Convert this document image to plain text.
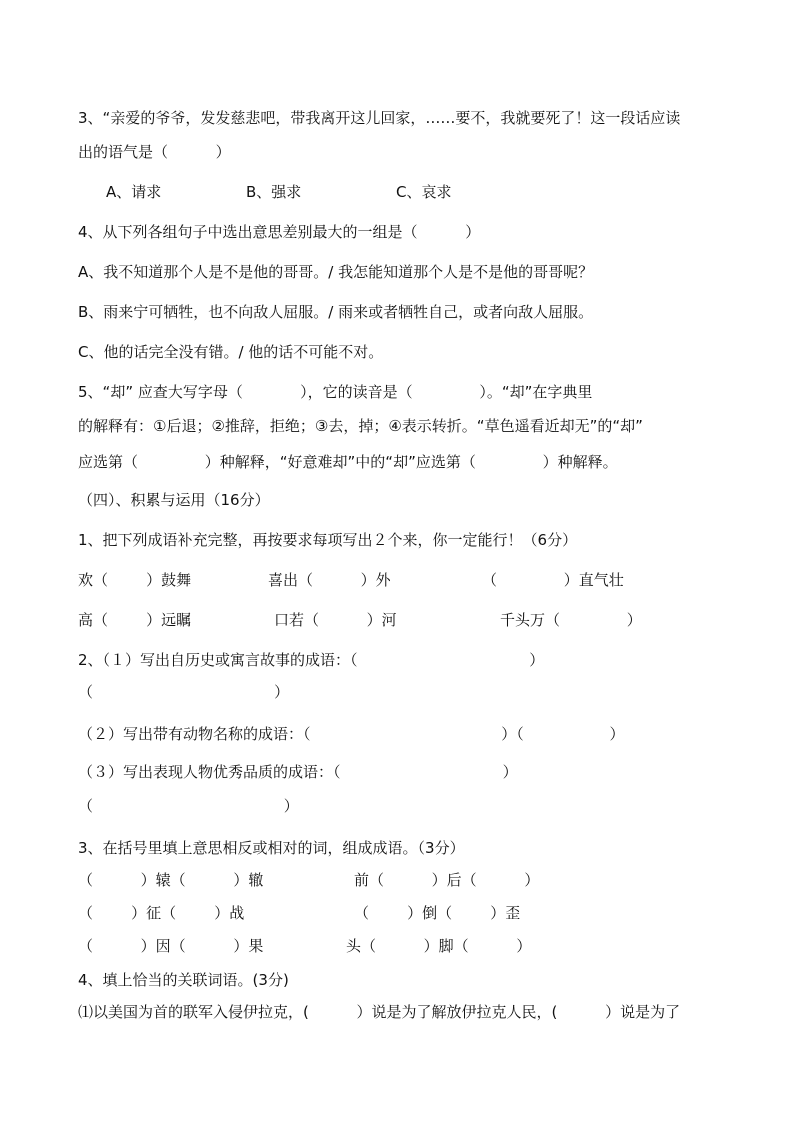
3、“亲爱的爷爷，发发慈悲吧，带我离开这儿回家，……要不，我就要死了！这一段话应读
出的语气是（          ）
A、请求	B、强求	C、哀求
4、从下列各组句子中选出意思差别最大的一组是（          ）
A、我不知道那个人是不是他的哥哥。/ 我怎能知道那个人是不是他的哥哥呢？
B、雨来宁可牺牲，也不向敌人屈服。/ 雨来或者牺牲自己，或者向敌人屈服。
C、他的话完全没有错。/ 他的话不可能不对。
5、“却” 应查大写字母（            ），它的读音是（              ）。“却”在字典里
的解释有：①后退；②推辞，拒绝；③去，掉；④表示转折。“草色遥看近却无”的“却”
应选第（              ）种解释，“好意难却”中的“却”应选第（              ）种解释。
（四）、积累与运用（16分）
1、把下列成语补充完整，再按要求每项写出２个来，你一定能行！（6分）
欢（        ）鼓舞	喜出（          ）外	（              ）直气壮
高（        ）远瞩	口若（          ）河	千头万（              ）
2、（１）写出自历史或寓言故事的成语：（                                    ）
（                                      ）
（２）写出带有动物名称的成语：（                                        ）（                  ）
（３）写出表现人物优秀品质的成语：（                                  ）
（                                        ）
3、在括号里填上意思相反或相对的词，组成成语。（3分）
（          ）辕（          ）辙	前（          ）后（          ）
（        ）征（        ）战	（        ）倒（        ）歪
（          ）因（          ）果	头（          ）脚（          ）
4、填上恰当的关联词语。(3分)
⑴以美国为首的联军入侵伊拉克，(          ）说是为了解放伊拉克人民，(          ）说是为了
